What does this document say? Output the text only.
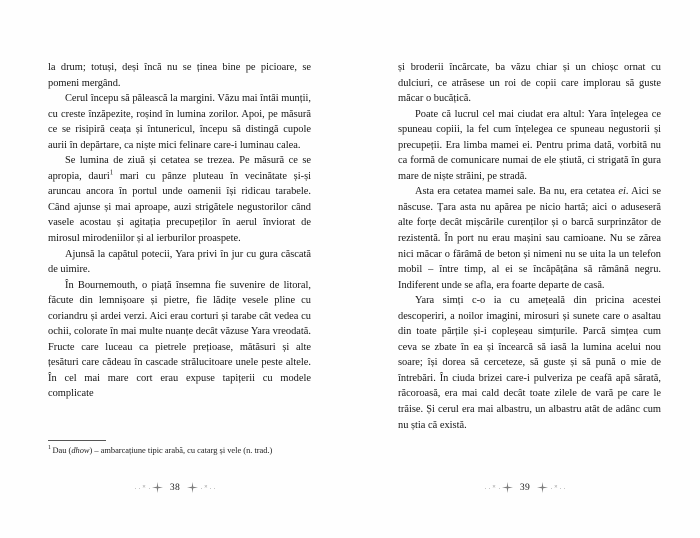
la drum; totuși, deși încă nu se ținea bine pe picioare, se pomeni mergând.

Cerul începu să pălească la margini. Văzu mai întâi munții, cu creste înzăpezite, roșind în lumina zorilor. Apoi, pe măsură ce se risipiră ceața și întunericul, începu să distingă cupole aurii în depărtare, ca niște mici felinare care-i luminau calea.

Se lumina de ziuă și cetatea se trezea. Pe măsură ce se apropia, dauri$^1$ mari cu pânze pluteau în vecinătate și-și aruncau ancora în portul unde oamenii își ridicau tarabele. Când ajunse și mai aproape, auzi strigătele negustorilor când vasele acostau și agitația precupeților în aerul înviorat de mirosul mirodeniilor și al ierburilor proaspete.

Ajunsă la capătul potecii, Yara privi în jur cu gura căscată de uimire.

În Bournemouth, o piață însemna fie suvenire de litoral, făcute din lemnișoare și pietre, fie lădițe vesele pline cu coriandru și ardei verzi. Aici erau corturi și tarabe cât vedea cu ochii, colorate în mai multe nuanțe decât văzuse Yara vreodată. Fructe care luceau ca pietrele prețioase, mătăsuri și alte țesături care cădeau în cascade strălucitoare unele peste altele. În cel mai mare cort erau expuse tapițerii cu modele complicate

$^1$ Dau (dhow) – ambarcațiune tipic arabă, cu catarg și vele (n. trad.)
✕	38	✕

și broderii încărcate, ba văzu chiar și un chioșc ornat cu dulciuri, ce atrăsese un roi de copii care implorau să guste măcar o bucățică.

Poate că lucrul cel mai ciudat era altul: Yara înțelegea ce spuneau copiii, la fel cum înțelegea ce spuneau negustorii și precupeții. Era limba mamei ei. Pentru prima dată, vorbită nu ca formă de comunicare numai de ele știută, ci strigată în gura mare de niște străini, pe stradă.

Asta era cetatea mamei sale. Ba nu, era cetatea ei. Aici se născuse. Țara asta nu apărea pe nicio hartă; aici o aduseseră alte forțe decât mișcările curenților și o barcă surprinzător de rezistentă. În port nu erau mașini sau camioane. Nu se zărea nici măcar o fărâmă de beton și nimeni nu se uita la un telefon mobil – între timp, al ei se încăpățâna să rămână negru. Indiferent unde se afla, era foarte departe de casă.

Yara simți c-o ia cu amețeală din pricina acestei descoperiri, a noilor imagini, mirosuri și sunete care o asaltau din toate părțile și-i copleșeau simțurile. Parcă simțea cum ceva se zbate în ea și încearcă să iasă la lumina acelui nou soare; își dorea să cerceteze, să guste și să pună o mie de întrebări. În ciuda brizei care-i pulveriza pe ceafă apă sărată, răcoroasă, era mai cald decât toate zilele de vară pe care le trăise. Și cerul era mai albastru, un albastru atât de adânc cum nu știa că există.

✕	39	✕
